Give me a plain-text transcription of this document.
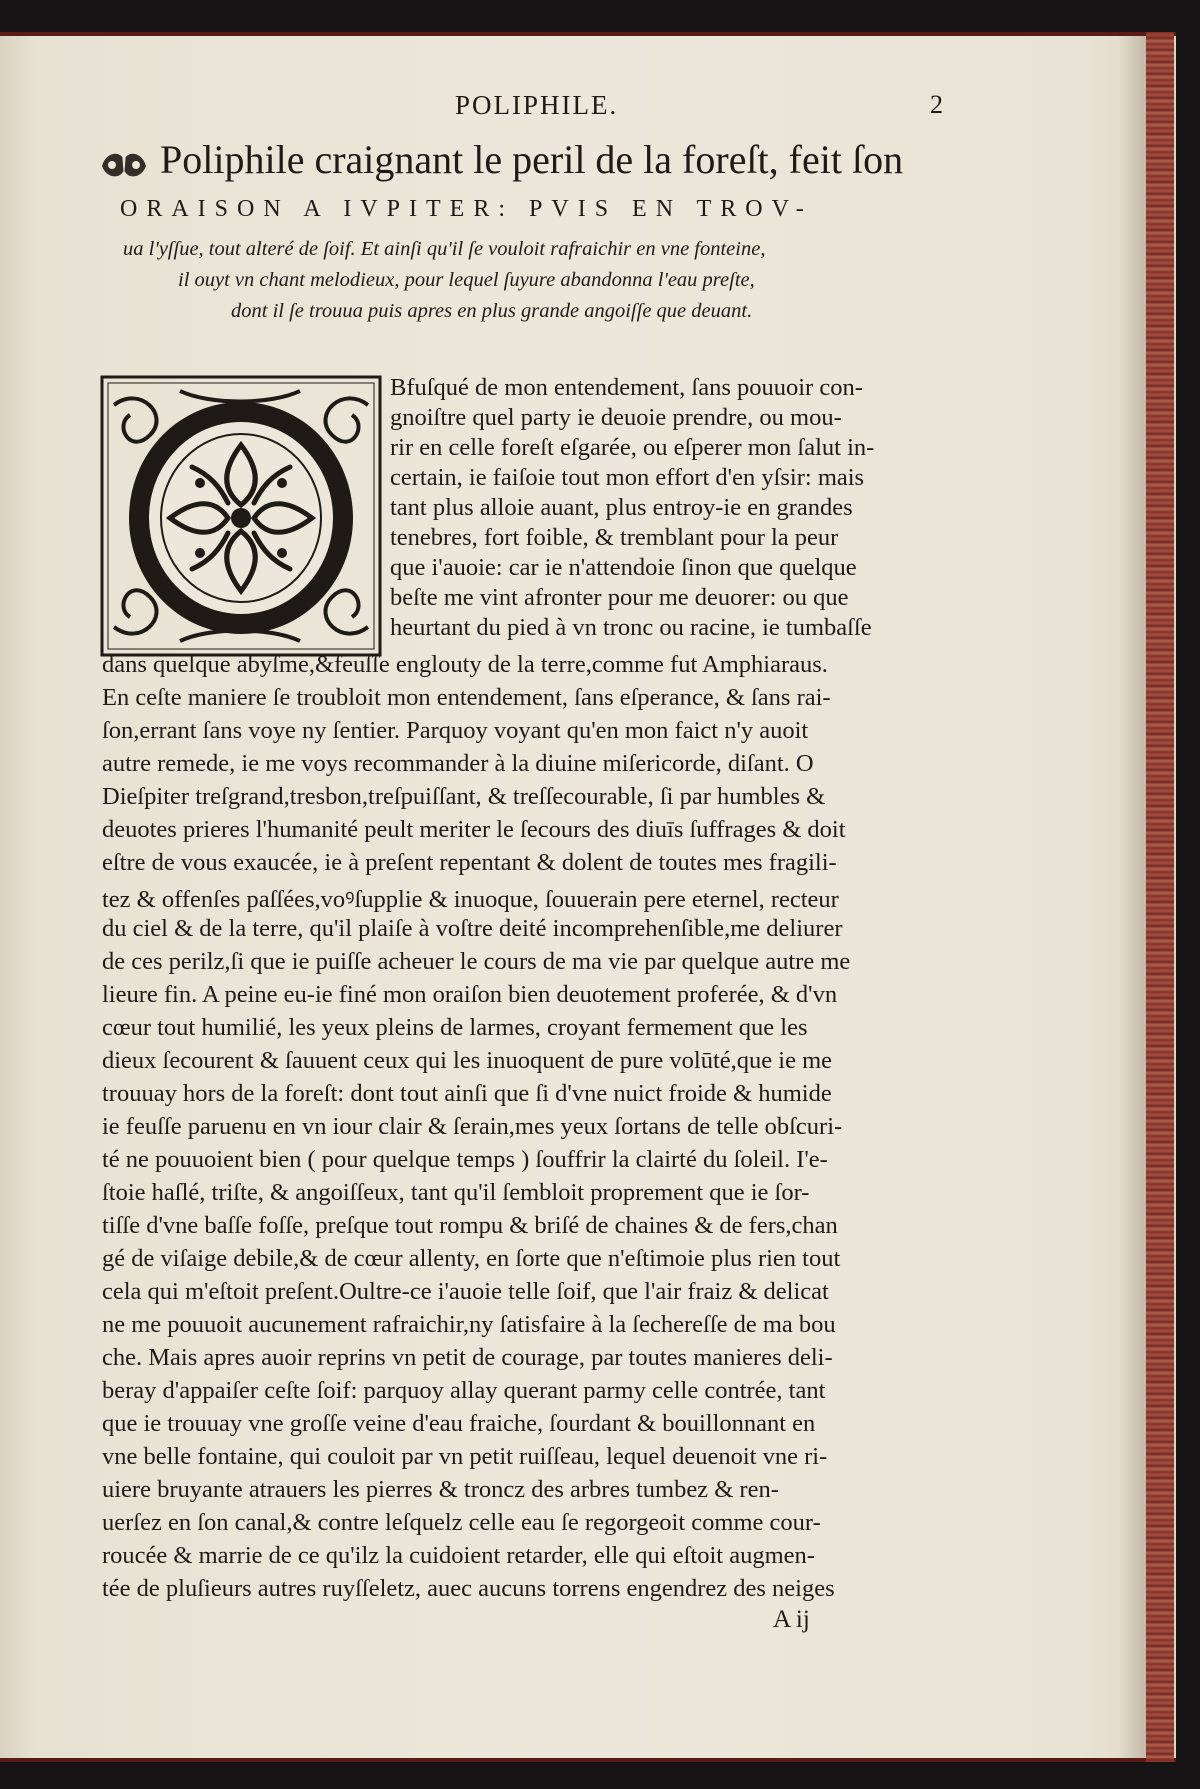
POLIPHILE.	2
Poliphile craignant le peril de la foreſt, feit ſon
ORAISON A IVPITER: PVIS EN TROV-
ua l'yſſue, tout alteré de ſoif. Et ainſi qu'il ſe vouloit rafraichir en vne fonteine,
il ouyt vn chant melodieux, pour lequel ſuyure abandonna l'eau preſte,
dont il ſe trouua puis apres en plus grande angoiſſe que deuant.
Bfuſqué de mon entendement, ſans pouuoir con-
gnoiſtre quel party ie deuoie prendre, ou mou-
rir en celle foreſt eſgarée, ou eſperer mon ſalut in-
certain, ie faiſoie tout mon effort d'en yſsir: mais
tant plus alloie auant, plus entroy-ie en grandes
tenebres, fort foible, & tremblant pour la peur
que i'auoie: car ie n'attendoie ſinon que quelque
beſte me vint afronter pour me deuorer: ou que
heurtant du pied à vn tronc ou racine, ie tumbaſſe
dans quelque abyſme,&feuſſe englouty de la terre,comme fut Amphiaraus.
En ceſte maniere ſe troubloit mon entendement, ſans eſperance, & ſans rai-
ſon,errant ſans voye ny ſentier. Parquoy voyant qu'en mon faict n'y auoit
autre remede, ie me voys recommander à la diuine miſericorde, diſant. O
Dieſpiter treſgrand,tresbon,treſpuiſſant, & treſſecourable, ſi par humbles &
deuotes prieres l'humanité peult meriter le ſecours des diuīs ſuffrages & doit
eſtre de vous exaucée, ie à preſent repentant & dolent de toutes mes fragili-
tez & offenſes paſſées,voꝰſupplie & inuoque, ſouuerain pere eternel, recteur
du ciel & de la terre, qu'il plaiſe à voſtre deité incomprehenſible,me deliurer
de ces perilz,ſi que ie puiſſe acheuer le cours de ma vie par quelque autre me
lieure fin. A peine eu-ie finé mon oraiſon bien deuotement proferée, & d'vn
cœur tout humilié, les yeux pleins de larmes, croyant fermement que les
dieux ſecourent & ſauuent ceux qui les inuoquent de pure volūté,que ie me
trouuay hors de la foreſt: dont tout ainſi que ſi d'vne nuict froide & humide
ie feuſſe paruenu en vn iour clair & ſerain,mes yeux ſortans de telle obſcuri-
té ne pouuoient bien ( pour quelque temps ) ſouffrir la clairté du ſoleil. I'e-
ſtoie haſlé, triſte, & angoiſſeux, tant qu'il ſembloit proprement que ie ſor-
tiſſe d'vne baſſe foſſe, preſque tout rompu & briſé de chaines & de fers,chan
gé de viſaige debile,& de cœur allenty, en ſorte que n'eſtimoie plus rien tout
cela qui m'eſtoit preſent.Oultre-ce i'auoie telle ſoif, que l'air fraiz & delicat
ne me pouuoit aucunement rafraichir,ny ſatisfaire à la ſechereſſe de ma bou
che. Mais apres auoir reprins vn petit de courage, par toutes manieres deli-
beray d'appaiſer ceſte ſoif: parquoy allay querant parmy celle contrée, tant
que ie trouuay vne groſſe veine d'eau fraiche, ſourdant & bouillonnant en
vne belle fontaine, qui couloit par vn petit ruiſſeau, lequel deuenoit vne ri-
uiere bruyante atrauers les pierres & troncz des arbres tumbez & ren-
uerſez en ſon canal,& contre leſquelz celle eau ſe regorgeoit comme cour-
roucée & marrie de ce qu'ilz la cuidoient retarder, elle qui eſtoit augmen-
tée de pluſieurs autres ruyſſeletz, auec aucuns torrens engendrez des neiges
A ij
